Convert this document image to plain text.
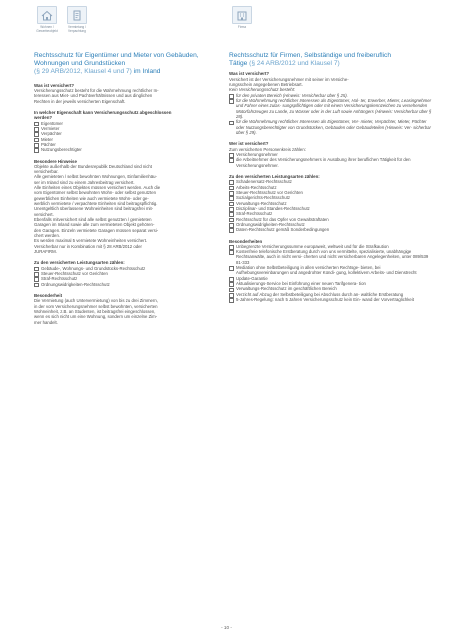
Wohnen / Gewerbeobjekt
Vermietung / Verpachtung
Rechtsschutz für Eigentümer und Mieter von Gebäuden,
Wohnungen und Grundstücken
(§ 29 ARB/2012, Klausel 4 und 7) im Inland
Was ist versichert?

Versicherungsschutz besteht für die Wahrnehmung rechtlicher In-
teressen aus Miet- und Pachtverhältnissen und aus dinglichen
Rechten in der jeweils versicherten Eigenschaft.

In welcher Eigenschaft kann Versicherungsschutz abgeschlossen
werden?
Eigentümer
Vermieter
Verpächter
Mieter
Pächter
Nutzungsberechtigter
Besondere Hinweise

Objekte außerhalb der Bundesrepublik Deutschland sind nicht
versicherbar.
Alle gemieteten / selbst bewohnten Wohnungen, Einfamilienhäu-
ser im Inland sind zu einem Jahresbeitrag versichert.
Alle Einheiten eines Objektes müssen versichert werden. Auch die
vom Eigentümer selbst bewohnten Wohn- oder selbst genutzten
gewerblichen Einheiten wie auch vermietete Wohn- oder ge-
werblich vermietete / verpachtete Einheiten sind beitragspflichtig.
Unentgeltlich überlassene Wohneinheiten sind beitragsfrei mit-
versichert.
Ebenfalls mitversichert sind alle selbst genutzten / gemieteten
Garagen im Inland sowie alle zum vermieteten Objekt gehören-
den Garagen. Einzeln vermietete Garagen müssen separat versi-
chert werden.
Es werden maximal 5 vermietete Wohneinheiten versichert.
Versicherbar nur in Kombination mit § 28 ARB/2012 oder
JURAFIRM.

Zu den versicherten Leistungsarten zählen:
Gebäude-, Wohnungs- und Grundstücks-Rechtsschutz
Steuer-Rechtsschutz vor Gerichten
Straf-Rechtsschutz
Ordnungswidrigkeiten-Rechtsschutz
Besonderheit

Die Vermietung (auch Untervermietung) von bis zu drei Zimmern,
in der vom Versicherungsnehmer selbst bewohnten, versicherten
Wohneinheit, z.B. an Studenten, ist beitragsfrei eingeschlossen,
wenn es sich nicht um eine Wohnung, sondern um einzelne Zim-
mer handelt.

Firma
Rechtsschutz für Firmen, Selbständige und freiberuflich
Tätige (§ 24 ARB/2012 und Klausel 7)
Was ist versichert?

Versichert ist der Versicherungsnehmer mit seiner im Versiche-
rungsschein angegebenen Betriebsart.

Kein Versicherungsschutz besteht:

für den privaten Bereich (Hinweis: Versicherbar über § 25).
für die Wahrnehmung rechtlicher Interessen als Eigentümer, Hal- ter, Erwerber, Mieter, Leasingnehmer und Fahrer eines zulas- sungspflichtigen oder mit einem Versicherungskennzeichen zu versehenden Motorfahrzeuges zu Lande, zu Wasser oder in der Luft sowie Anhängers (Hinweis: Versicherbar über § 28).
für die Wahrnehmung rechtlicher Interessen als Eigentümer, Ver- mieter, Verpächter, Mieter, Pächter oder Nutzungsberechtigter von Grundstücken, Gebäuden oder Gebäudeteilen (Hinweis: Ver- sicherbar über § 29).
Wer ist versichert?

Zum versicherten Personenkreis zählen:

Versicherungsnehmer
die Arbeitnehmer des Versicherungsnehmers in Ausübung ihrer beruflichen Tätigkeit für den Versicherungsnehmer.
Zu den versicherten Leistungsarten zählen:
Schadenersatz-Rechtsschutz
Arbeits-Rechtsschutz
Steuer-Rechtsschutz vor Gerichten
Sozialgerichts-Rechtsschutz
Verwaltungs-Rechtsschutz
Disziplinar- und Standes-Rechtsschutz
Straf-Rechtsschutz
Rechtsschutz für das Opfer von Gewaltstraftaten
Ordnungswidrigkeiten-Rechtsschutz
Daten-Rechtsschutz gemäß Sonderbedingungen
Besonderheiten
Unbegrenzte Versicherungssumme europaweit, weltweit und für die Strafkaution
Kostenfreie telefonische Erstberatung durch von uns vermittelte, spezialisierte, unabhängige Rechtsanwälte, auch in nicht versi- cherten und nicht versicherbaren Angelegenheiten, unter 089/539 81-333
Mediation ohne Selbstbeteiligung in allen versicherten Rechtsge- bieten, bei Aufhebungsvereinbarungen und angedrohter Kündi- gung, kollektivem Arbeits- und Dienstrecht
Update-Garantie
Aktualisierungs-Service bei Einführung einer neuen Tarifgenera- tion
Verwaltungs-Rechtsschutz im geschäftlichen Bereich
Verzicht auf Abzug der Selbstbeteiligung bei Abschluss durch an- waltliche Erstberatung
5-Jahres-Regelung: nach 5 Jahren Versicherungsschutz kein Ein- wand der Vorvertraglichkeit
- 10 -
